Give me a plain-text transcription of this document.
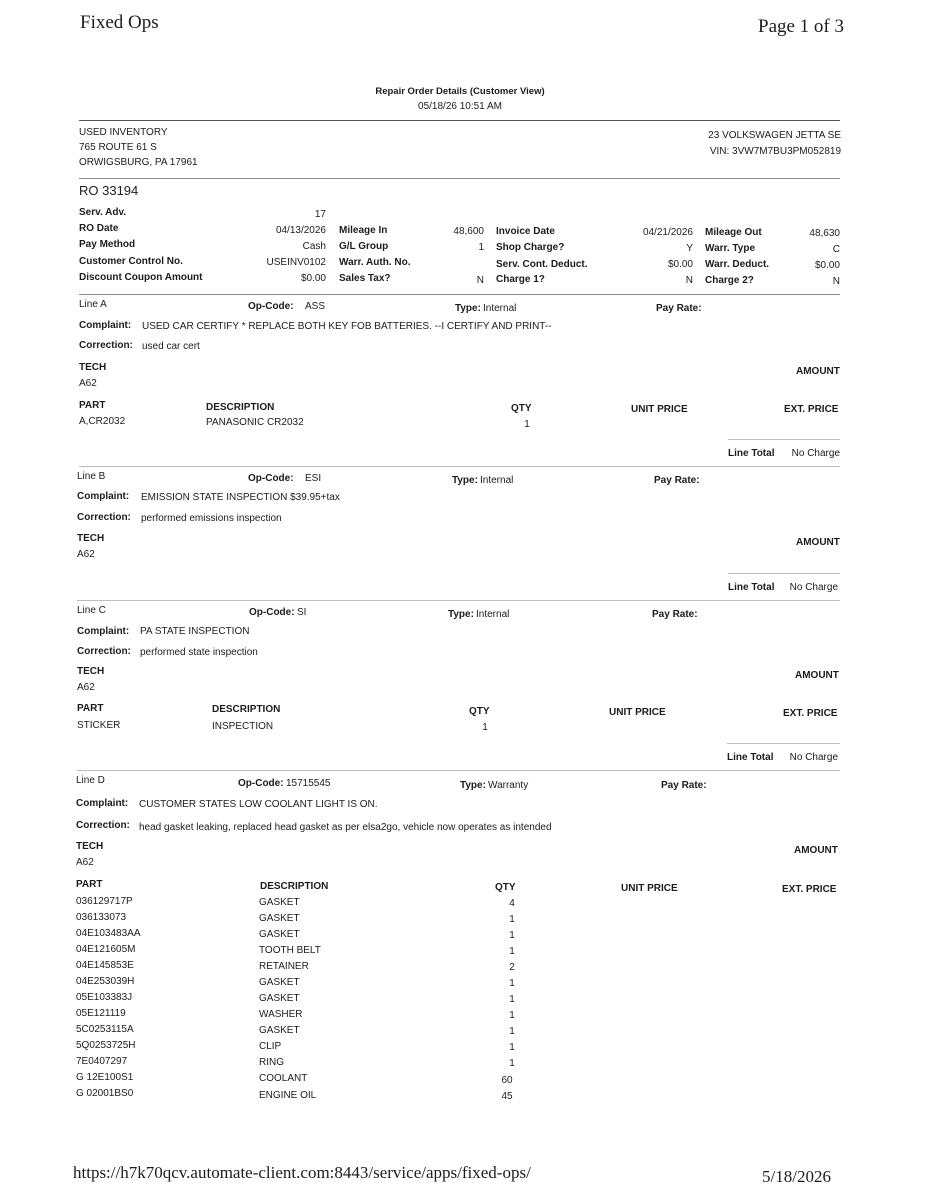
Fixed Ops	Page 1 of 3
Repair Order Details (Customer View)
05/18/26 10:51 AM
USED INVENTORY
765 ROUTE 61 S
ORWIGSBURG, PA 17961
23 VOLKSWAGEN JETTA SE
VIN: 3VW7M7BU3PM052819
RO 33194
Serv. Adv.	17
RO Date	04/13/2026
Pay Method	Cash
Customer Control No.	USEINV0102
Discount Coupon Amount	$0.00
Mileage In	48,600
G/L Group	1
Warr. Auth. No.
Sales Tax?	N
Invoice Date	04/21/2026
Shop Charge?	Y
Serv. Cont. Deduct.	$0.00
Charge 1?	N
Mileage Out	48,630
Warr. Type	C
Warr. Deduct.	$0.00
Charge 2?	N
Line A	Op-Code: ASS	Type: Internal	Pay Rate:
Complaint: USED CAR CERTIFY * REPLACE BOTH KEY FOB BATTERIES. --I CERTIFY AND PRINT--
Correction: used car cert
TECH	AMOUNT
A62
PART	DESCRIPTION	QTY	UNIT PRICE	EXT. PRICE
A,CR2032	PANASONIC CR2032	1
Line Total	No Charge
Line B	Op-Code: ESI	Type: Internal	Pay Rate:
Complaint: EMISSION STATE INSPECTION $39.95+tax
Correction: performed emissions inspection
TECH	AMOUNT
A62
Line Total	No Charge
Line C	Op-Code: SI	Type: Internal	Pay Rate:
Complaint: PA STATE INSPECTION
Correction: performed state inspection
TECH	AMOUNT
A62
PART	DESCRIPTION	QTY	UNIT PRICE	EXT. PRICE
STICKER	INSPECTION	1
Line Total	No Charge
Line D	Op-Code: 15715545	Type: Warranty	Pay Rate:
Complaint: CUSTOMER STATES LOW COOLANT LIGHT IS ON.
Correction: head gasket leaking, replaced head gasket as per elsa2go, vehicle now operates as intended
TECH	AMOUNT
A62
PART	DESCRIPTION	QTY	UNIT PRICE	EXT. PRICE
036129717P	GASKET	4
036133073	GASKET	1
04E103483AA	GASKET	1
04E121605M	TOOTH BELT	1
04E145853E	RETAINER	2
04E253039H	GASKET	1
05E103383J	GASKET	1
05E121119	WASHER	1
5C0253115A	GASKET	1
5Q0253725H	CLIP	1
7E0407297	RING	1
G 12E100S1	COOLANT	60
G 02001BS0	ENGINE OIL	45
https://h7k70qcv.automate-client.com:8443/service/apps/fixed-ops/	5/18/2026
